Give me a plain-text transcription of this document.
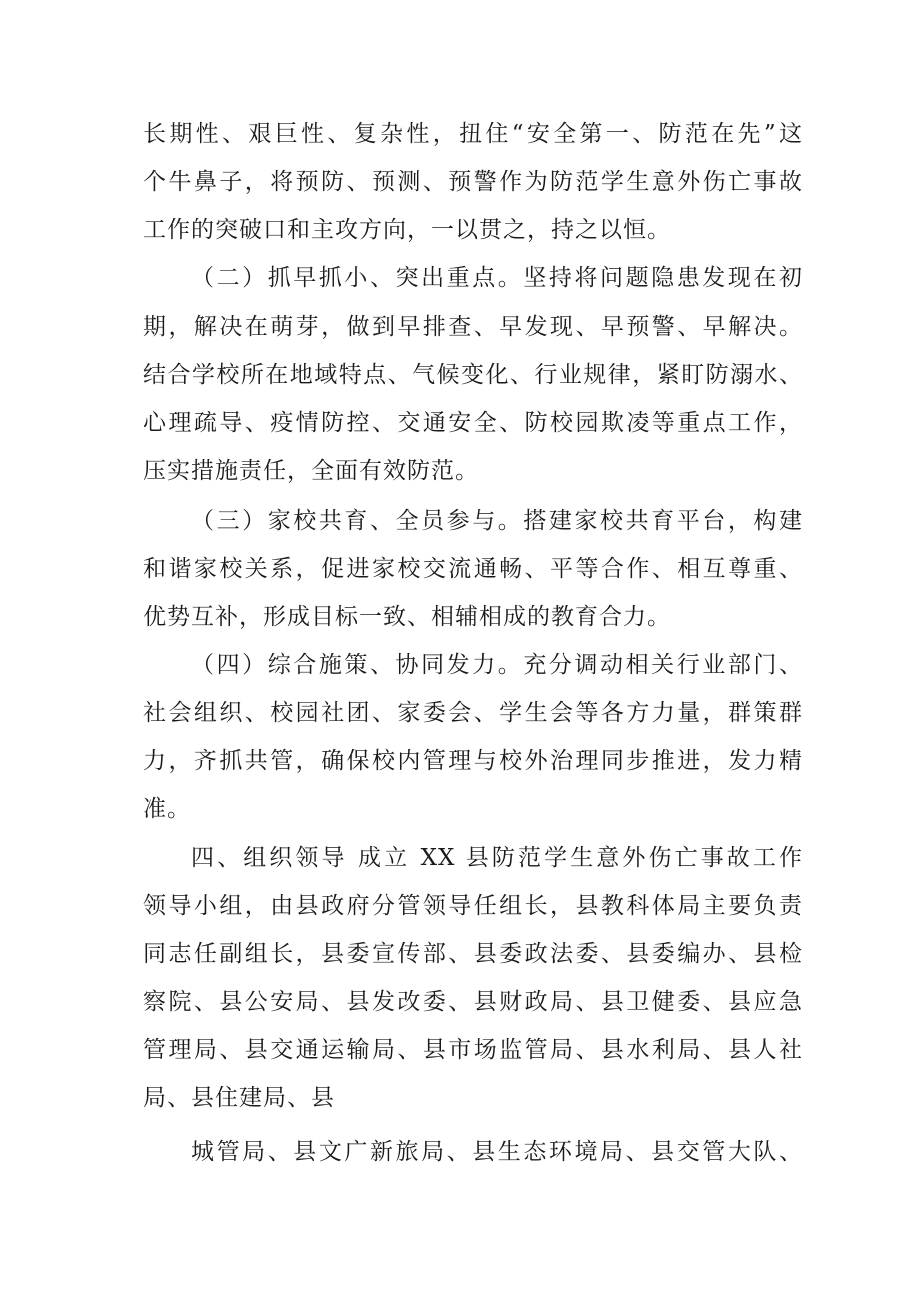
长期性、艰巨性、复杂性，扭住“安全第一、防范在先”这
个牛鼻子，将预防、预测、预警作为防范学生意外伤亡事故
工作的突破口和主攻方向，一以贯之，持之以恒。
（二）抓早抓小、突出重点。坚持将问题隐患发现在初
期，解决在萌芽，做到早排查、早发现、早预警、早解决。
结合学校所在地域特点、气候变化、行业规律，紧盯防溺水、
心理疏导、疫情防控、交通安全、防校园欺凌等重点工作，
压实措施责任，全面有效防范。
（三）家校共育、全员参与。搭建家校共育平台，构建
和谐家校关系，促进家校交流通畅、平等合作、相互尊重、
优势互补，形成目标一致、相辅相成的教育合力。
（四）综合施策、协同发力。充分调动相关行业部门、
社会组织、校园社团、家委会、学生会等各方力量，群策群
力，齐抓共管，确保校内管理与校外治理同步推进，发力精
准。
四、组织领导 成立 XX 县防范学生意外伤亡事故工作
领导小组，由县政府分管领导任组长，县教科体局主要负责
同志任副组长，县委宣传部、县委政法委、县委编办、县检
察院、县公安局、县发改委、县财政局、县卫健委、县应急
管理局、县交通运输局、县市场监管局、县水利局、县人社
局、县住建局、县
城管局、县文广新旅局、县生态环境局、县交管大队、
